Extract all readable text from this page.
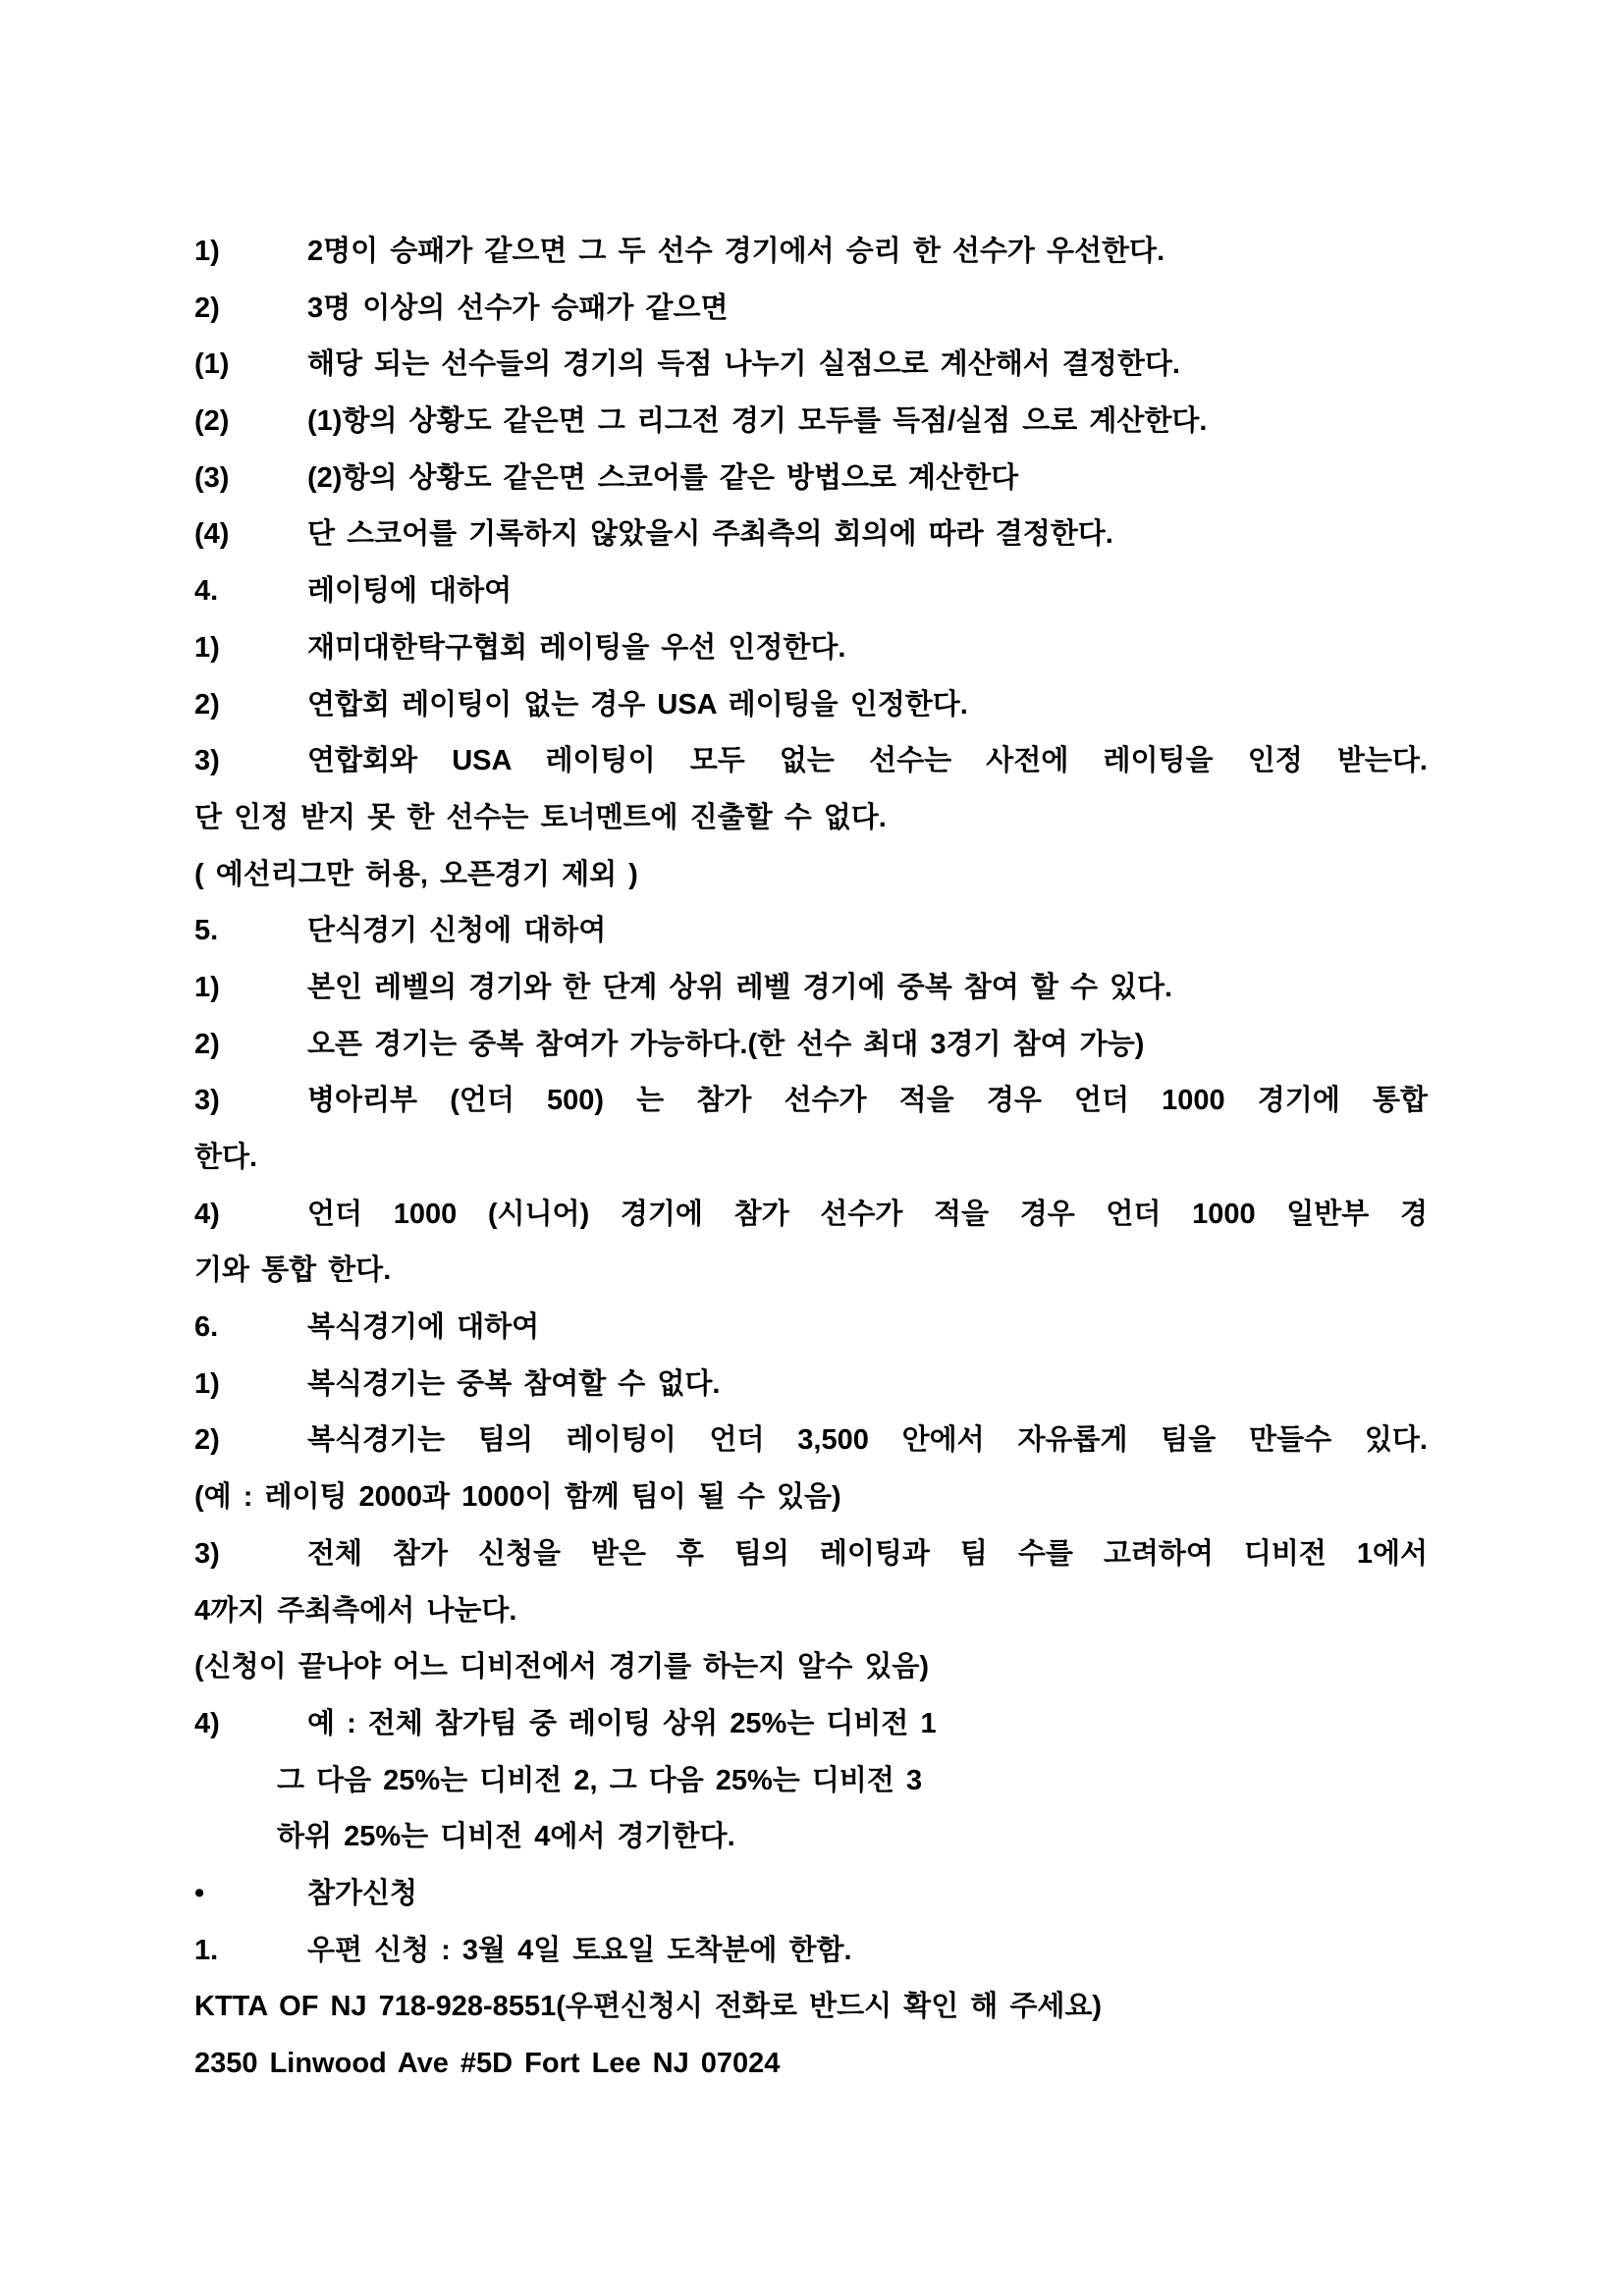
1)	2명이 승패가 같으면 그 두 선수 경기에서 승리 한 선수가 우선한다.
2)	3명 이상의 선수가 승패가 같으면
(1)	해당 되는 선수들의 경기의 득점 나누기 실점으로 계산해서 결정한다.
(2)	(1)항의 상황도 같은면 그 리그전 경기 모두를 득점/실점 으로 계산한다.
(3)	(2)항의 상황도 같은면 스코어를 같은 방법으로 계산한다
(4)	단 스코어를 기록하지 않았을시 주최측의 회의에 따라 결정한다.
4.	레이팅에 대하여
1)	재미대한탁구협회 레이팅을 우선 인정한다.
2)	연합회 레이팅이 없는 경우 USA 레이팅을 인정한다.
3)	연합회와 USA 레이팅이 모두 없는 선수는 사전에 레이팅을 인정 받는다.
단 인정 받지 못 한 선수는 토너멘트에 진출할 수 없다.
( 예선리그만 허용, 오픈경기 제외 )
5.	단식경기 신청에 대하여
1)	본인 레벨의 경기와 한 단계 상위 레벨 경기에 중복 참여 할 수 있다.
2)	오픈 경기는 중복 참여가 가능하다.(한 선수 최대 3경기 참여 가능)
3)	병아리부 (언더 500) 는 참가 선수가 적을 경우 언더 1000 경기에 통합
한다.
4)	언더 1000 (시니어) 경기에 참가 선수가 적을 경우 언더 1000 일반부 경
기와 통합 한다.
6.	복식경기에 대하여
1)	복식경기는 중복 참여할 수 없다.
2)	복식경기는 팀의 레이팅이 언더 3,500 안에서 자유롭게 팀을 만들수 있다.
(예 : 레이팅 2000과 1000이 함께 팀이 될 수 있음)
3)	전체 참가 신청을 받은 후 팀의 레이팅과 팀 수를 고려하여 디비전 1에서
4까지 주최측에서 나눈다.
(신청이 끝나야 어느 디비전에서 경기를 하는지 알수 있음)
4)	예 : 전체 참가팀 중 레이팅 상위 25%는 디비전 1
그 다음 25%는 디비전 2, 그 다음 25%는 디비전 3
하위 25%는 디비전 4에서 경기한다.
•	참가신청
1.	우편 신청 : 3월 4일 토요일 도착분에 한함.
KTTA OF NJ 718-928-8551(우편신청시 전화로 반드시 확인 해 주세요)
2350 Linwood Ave #5D Fort Lee NJ 07024
